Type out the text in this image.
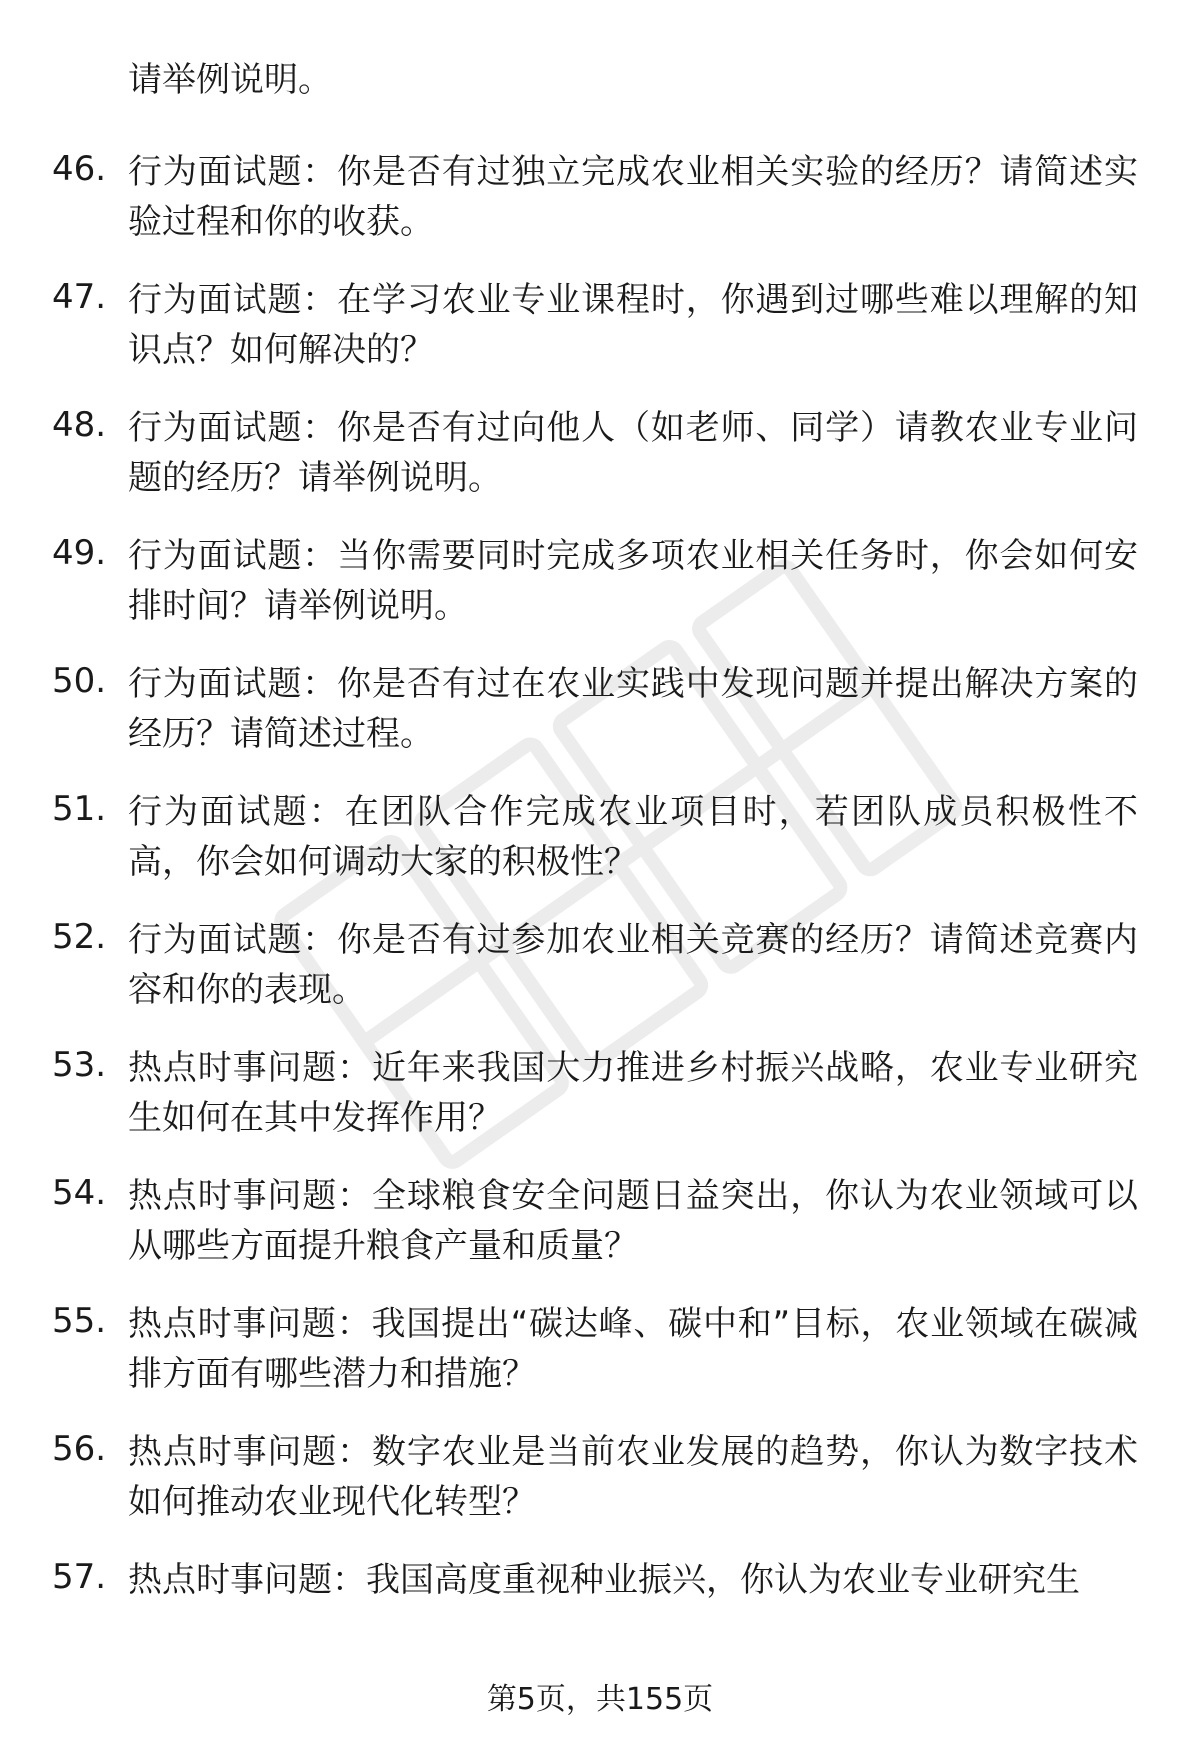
请举例说明。
46. 行为面试题：你是否有过独立完成农业相关实验的经历？请简述实验过程和你的收获。
47. 行为面试题：在学习农业专业课程时，你遇到过哪些难以理解的知识点？如何解决的？
48. 行为面试题：你是否有过向他人（如老师、同学）请教农业专业问题的经历？请举例说明。
49. 行为面试题：当你需要同时完成多项农业相关任务时，你会如何安排时间？请举例说明。
50. 行为面试题：你是否有过在农业实践中发现问题并提出解决方案的经历？请简述过程。
51. 行为面试题：在团队合作完成农业项目时，若团队成员积极性不高，你会如何调动大家的积极性？
52. 行为面试题：你是否有过参加农业相关竞赛的经历？请简述竞赛内容和你的表现。
53. 热点时事问题：近年来我国大力推进乡村振兴战略，农业专业研究生如何在其中发挥作用？
54. 热点时事问题：全球粮食安全问题日益突出，你认为农业领域可以从哪些方面提升粮食产量和质量？
55. 热点时事问题：我国提出“碳达峰、碳中和”目标，农业领域在碳减排方面有哪些潜力和措施？
56. 热点时事问题：数字农业是当前农业发展的趋势，你认为数字技术如何推动农业现代化转型？
57. 热点时事问题：我国高度重视种业振兴，你认为农业专业研究生
第5页，共155页
